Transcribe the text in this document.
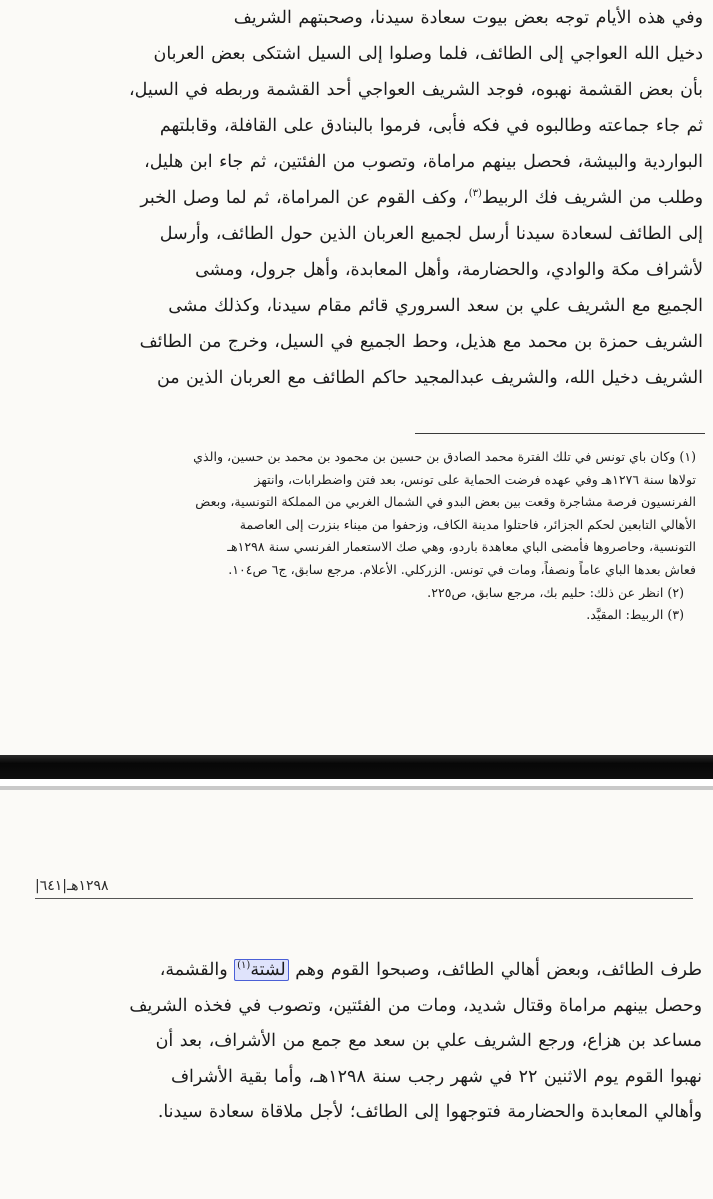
وفي هذه الأيام توجه بعض بيوت سعادة سيدنا، وصحبتهم الشريف
دخيل الله العواجي إلى الطائف، فلما وصلوا إلى السيل اشتكى بعض العربان
بأن بعض القشمة نهبوه، فوجد الشريف العواجي أحد القشمة وربطه في السيل،
ثم جاء جماعته وطالبوه في فكه فأبى، فرموا بالبنادق على القافلة، وقابلتهم
البواردية والبيشة، فحصل بينهم مراماة، وتصوب من الفئتين، ثم جاء ابن هليل،
وطلب من الشريف فك الربيط$^{(٣)}$، وكف القوم عن المراماة، ثم لما وصل الخبر
إلى الطائف لسعادة سيدنا أرسل لجميع العربان الذين حول الطائف، وأرسل
لأشراف مكة والوادي، والحضارمة، وأهل المعابدة، وأهل جرول، ومشى
الجميع مع الشريف علي بن سعد السروري قائم مقام سيدنا، وكذلك مشى
الشريف حمزة بن محمد مع هذيل، وحط الجميع في السيل، وخرج من الطائف
الشريف دخيل الله، والشريف عبدالمجيد حاكم الطائف مع العربان الذين من
(١) وكان باي تونس في تلك الفترة محمد الصادق بن حسين بن محمود بن محمد بن حسين، والذي
تولاها سنة ١٢٧٦هـ وفي عهده فرضت الحماية على تونس، بعد فتن واضطرابات، وانتهز
الفرنسيون فرصة مشاجرة وقعت بين بعض البدو في الشمال الغربي من المملكة التونسية، وبعض
الأهالي التابعين لحكم الجزائر، فاحتلوا مدينة الكاف، وزحفوا من ميناء بنزرت إلى العاصمة
التونسية، وحاصروها فأمضى الباي معاهدة باردو، وهي صك الاستعمار الفرنسي سنة ١٢٩٨هـ
فعاش بعدها الباي عاماً ونصفاً، ومات في تونس. الزركلي. الأعلام. مرجع سابق، ج٦ ص١٠٤.
(٢) انظر عن ذلك: حليم بك، مرجع سابق، ص٢٢٥.
(٣) الربيط: المقيَّد.
|٦٤١|١٢٩٨هـ
طرف الطائف، وبعض أهالي الطائف، وصبحوا القوم وهم لشتة$^{(١)}$ والقشمة،
وحصل بينهم مراماة وقتال شديد، ومات من الفئتين، وتصوب في فخذه الشريف
مساعد بن هزاع، ورجع الشريف علي بن سعد مع جمع من الأشراف، بعد أن
نهبوا القوم يوم الاثنين ٢٢ في شهر رجب سنة ١٢٩٨هـ، وأما بقية الأشراف
وأهالي المعابدة والحضارمة فتوجهوا إلى الطائف؛ لأجل ملاقاة سعادة سيدنا.
